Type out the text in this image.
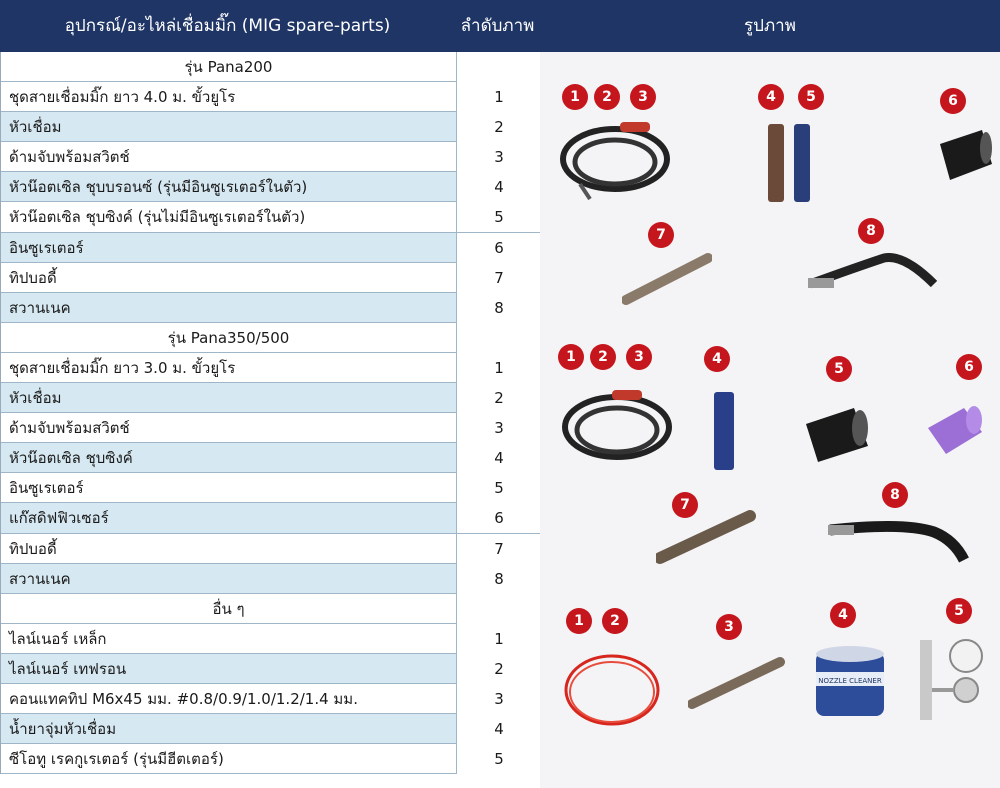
อุปกรณ์/อะไหล่เชื่อมมิ๊ก (MIG spare-parts)	ลำดับภาพ	รูปภาพ
รุ่น Pana200
ชุดสายเชื่อมมิ๊ก ยาว 4.0 ม. ขั้วยูโร	1
หัวเชื่อม	2
ด้ามจับพร้อมสวิตช์	3
หัวน๊อตเซิล ชุบบรอนซ์ (รุ่นมีอินซูเรเตอร์ในตัว)	4
หัวน๊อตเซิล ชุบซิงค์ (รุ่นไม่มีอินซูเรเตอร์ในตัว)	5
อินซูเรเตอร์	6
ทิปบอดี้	7
สวานเนค	8
รุ่น Pana350/500
ชุดสายเชื่อมมิ๊ก ยาว 3.0 ม. ขั้วยูโร	1
หัวเชื่อม	2
ด้ามจับพร้อมสวิตช์	3
หัวน๊อตเซิล ชุบซิงค์	4
อินซูเรเตอร์	5
แก๊สดิฟฟิวเซอร์	6
ทิปบอดี้	7
สวานเนค	8
อื่น ๆ
ไลน์เนอร์ เหล็ก	1
ไลน์เนอร์ เทฟรอน	2
คอนแทคทิป M6x45 มม. #0.8/0.9/1.0/1.2/1.4 มม.	3
น้ำยาจุ่มหัวเชื่อม	4
ซีโอทู เรคกูเรเตอร์ (รุ่นมีฮีตเตอร์)	5
1	2	3	4	5	6
7	8
1	2	3	4
5	6
7
8
1	2	3
4
NOZZLE CLEANER
5
